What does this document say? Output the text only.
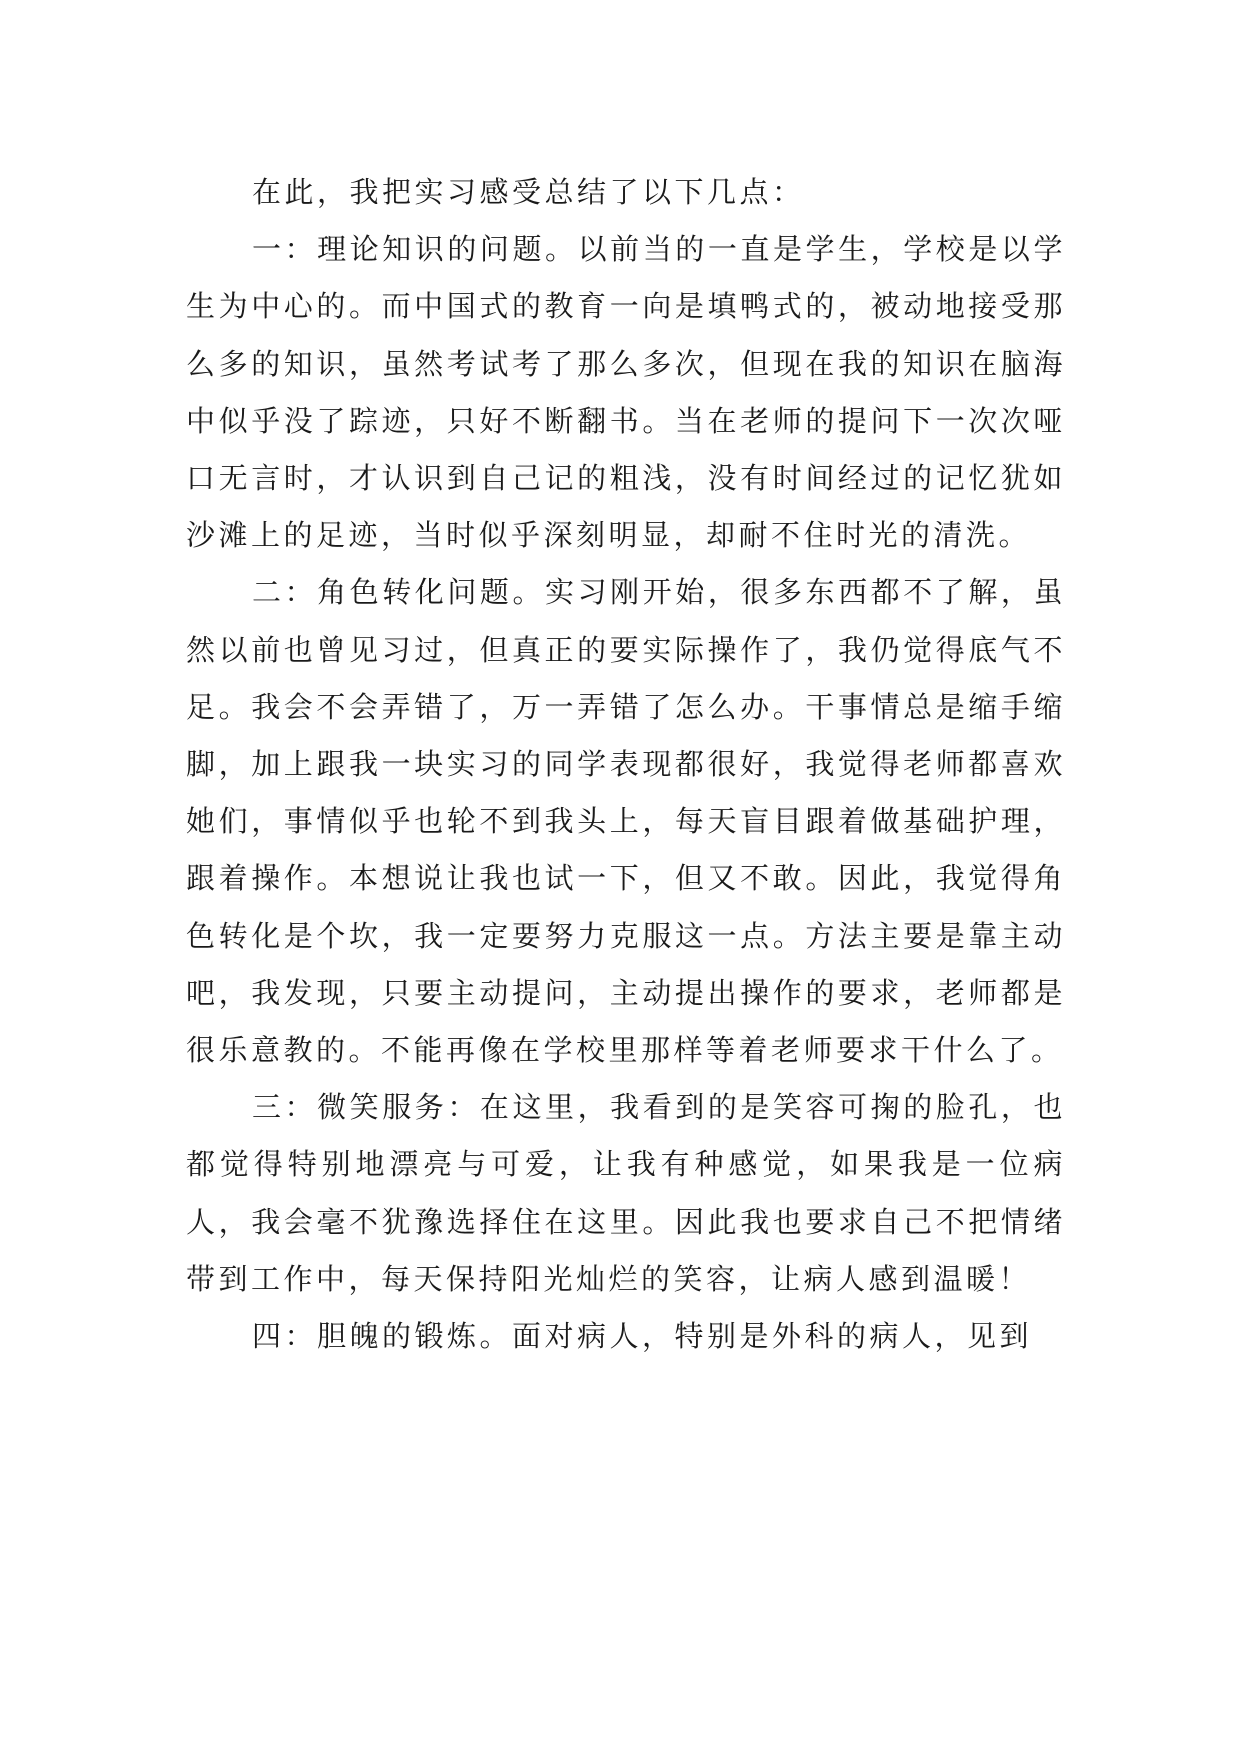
在此，我把实习感受总结了以下几点：

一：理论知识的问题。以前当的一直是学生，学校是以学生为中心的。而中国式的教育一向是填鸭式的，被动地接受那么多的知识，虽然考试考了那么多次，但现在我的知识在脑海中似乎没了踪迹，只好不断翻书。当在老师的提问下一次次哑口无言时，才认识到自己记的粗浅，没有时间经过的记忆犹如沙滩上的足迹，当时似乎深刻明显，却耐不住时光的清洗。

二：角色转化问题。实习刚开始，很多东西都不了解，虽然以前也曾见习过，但真正的要实际操作了，我仍觉得底气不足。我会不会弄错了，万一弄错了怎么办。干事情总是缩手缩脚，加上跟我一块实习的同学表现都很好，我觉得老师都喜欢她们，事情似乎也轮不到我头上，每天盲目跟着做基础护理，跟着操作。本想说让我也试一下，但又不敢。因此，我觉得角色转化是个坎，我一定要努力克服这一点。方法主要是靠主动吧，我发现，只要主动提问，主动提出操作的要求，老师都是很乐意教的。不能再像在学校里那样等着老师要求干什么了。

三：微笑服务：在这里，我看到的是笑容可掬的脸孔，也都觉得特别地漂亮与可爱，让我有种感觉，如果我是一位病人，我会毫不犹豫选择住在这里。因此我也要求自己不把情绪带到工作中，每天保持阳光灿烂的笑容，让病人感到温暖！

四：胆魄的锻炼。面对病人，特别是外科的病人，见到
